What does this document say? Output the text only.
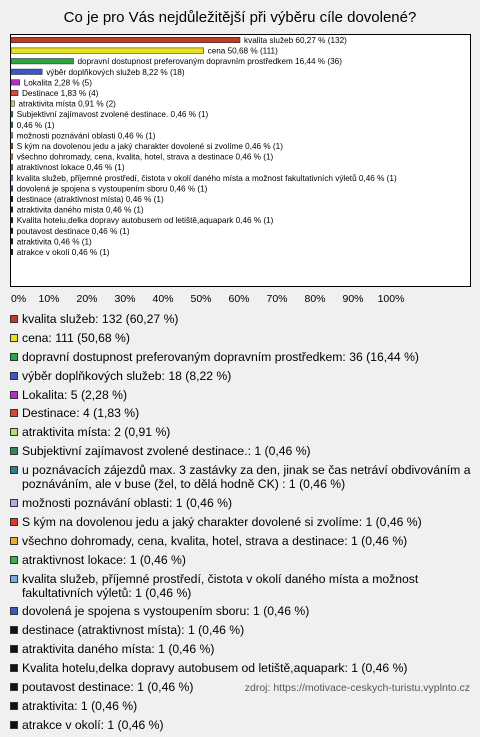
Co je pro Vás nejdůležitější při výběru cíle dovolené?
kvalita služeb 60,27 % (132)
cena 50,68 % (111)
dopravní dostupnost preferovaným dopravním prostředkem 16,44 % (36)
výběr doplňkových služeb 8,22 % (18)
Lokalita 2,28 % (5)
Destinace 1,83 % (4)
atraktivita místa 0,91 % (2)
Subjektivní zajímavost zvolené destinace. 0,46 % (1)
0,46 % (1)
možnosti poznávání oblasti 0,46 % (1)
S kým na dovolenou jedu a jaký charakter dovolené si zvolíme 0,46 % (1)
všechno dohromady, cena, kvalita, hotel, strava a destinace 0,46 % (1)
atraktivnost lokace 0,46 % (1)
kvalita služeb, příjemné prostředí, čistota v okolí daného místa a možnost fakultativních výletů 0,46 % (1)
dovolená je spojena s vystoupením sboru 0,46 % (1)
destinace (atraktivnost místa) 0,46 % (1)
atraktivita daného místa 0,46 % (1)
Kvalita hotelu,delka dopravy autobusem od letiště,aquapark 0,46 % (1)
poutavost destinace 0,46 % (1)
atraktivita 0,46 % (1)
atrakce v okolí 0,46 % (1)
0% 10% 20% 30% 40% 50% 60% 70% 80% 90% 100%
kvalita služeb: 132 (60,27 %)
cena: 111 (50,68 %)
dopravní dostupnost preferovaným dopravním prostředkem: 36 (16,44 %)
výběr doplňkových služeb: 18 (8,22 %)
Lokalita: 5 (2,28 %)
Destinace: 4 (1,83 %)
atraktivita místa: 2 (0,91 %)
Subjektivní zajímavost zvolené destinace.: 1 (0,46 %)
u poznávacích zájezdů max. 3 zastávky za den, jinak se čas netráví obdivováním a poznáváním, ale v buse (žel, to dělá hodně CK) : 1 (0,46 %)
možnosti poznávání oblasti: 1 (0,46 %)
S kým na dovolenou jedu a jaký charakter dovolené si zvolíme: 1 (0,46 %)
všechno dohromady, cena, kvalita, hotel, strava a destinace: 1 (0,46 %)
atraktivnost lokace: 1 (0,46 %)
kvalita služeb, příjemné prostředí, čistota v okolí daného místa a možnost fakultativních výletů: 1 (0,46 %)
dovolená je spojena s vystoupením sboru: 1 (0,46 %)
destinace (atraktivnost místa): 1 (0,46 %)
atraktivita daného místa: 1 (0,46 %)
Kvalita hotelu,delka dopravy autobusem od letiště,aquapark: 1 (0,46 %)
poutavost destinace: 1 (0,46 %)
atraktivita: 1 (0,46 %)
atrakce v okolí: 1 (0,46 %)
zdroj: https://motivace-ceskych-turistu.vyplnto.cz
